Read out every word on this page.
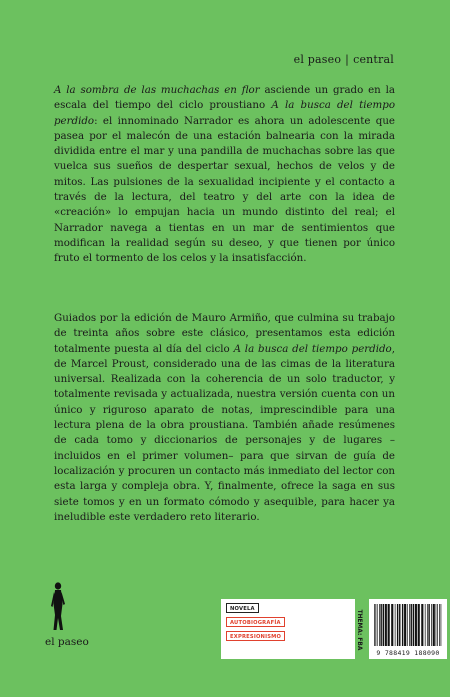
el paseo | central

A la sombra de las muchachas en flor asciende un grado en la escala del tiempo del ciclo proustiano A la busca del tiempo perdido: el innominado Narrador es ahora un adolescente que pasea por el malecón de una estación balnearia con la mirada dividida entre el mar y una pandilla de muchachas sobre las que vuelca sus sueños de despertar sexual, hechos de velos y de mitos. Las pulsiones de la sexualidad incipiente y el contacto a través de la lectura, del teatro y del arte con la idea de «creación» lo empujan hacia un mundo distinto del real; el Narrador navega a tientas en un mar de sentimientos que modifican la realidad según su deseo, y que tienen por único fruto el tormento de los celos y la insatisfacción.

Guiados por la edición de Mauro Armiño, que culmina su trabajo de treinta años sobre este clásico, presentamos esta edición totalmente puesta al día del ciclo A la busca del tiempo perdido, de Marcel Proust, considerado una de las cimas de la literatura universal. Realizada con la coherencia de un solo traductor, y totalmente revisada y actualizada, nuestra versión cuenta con un único y riguroso aparato de notas, imprescindible para una lectura plena de la obra proustiana. También añade resúmenes de cada tomo y diccionarios de personajes y de lugares –incluidos en el primer volumen– para que sirvan de guía de localización y procuren un contacto más inmediato del lector con esta larga y compleja obra. Y, finalmente, ofrece la saga en sus siete tomos y en un formato cómodo y asequible, para hacer ya ineludible este verdadero reto literario.

el paseo
NOVELA
AUTOBIOGRAFÍA
EXPRESIONISMO	THEMA: FBA
9 788419 188090
